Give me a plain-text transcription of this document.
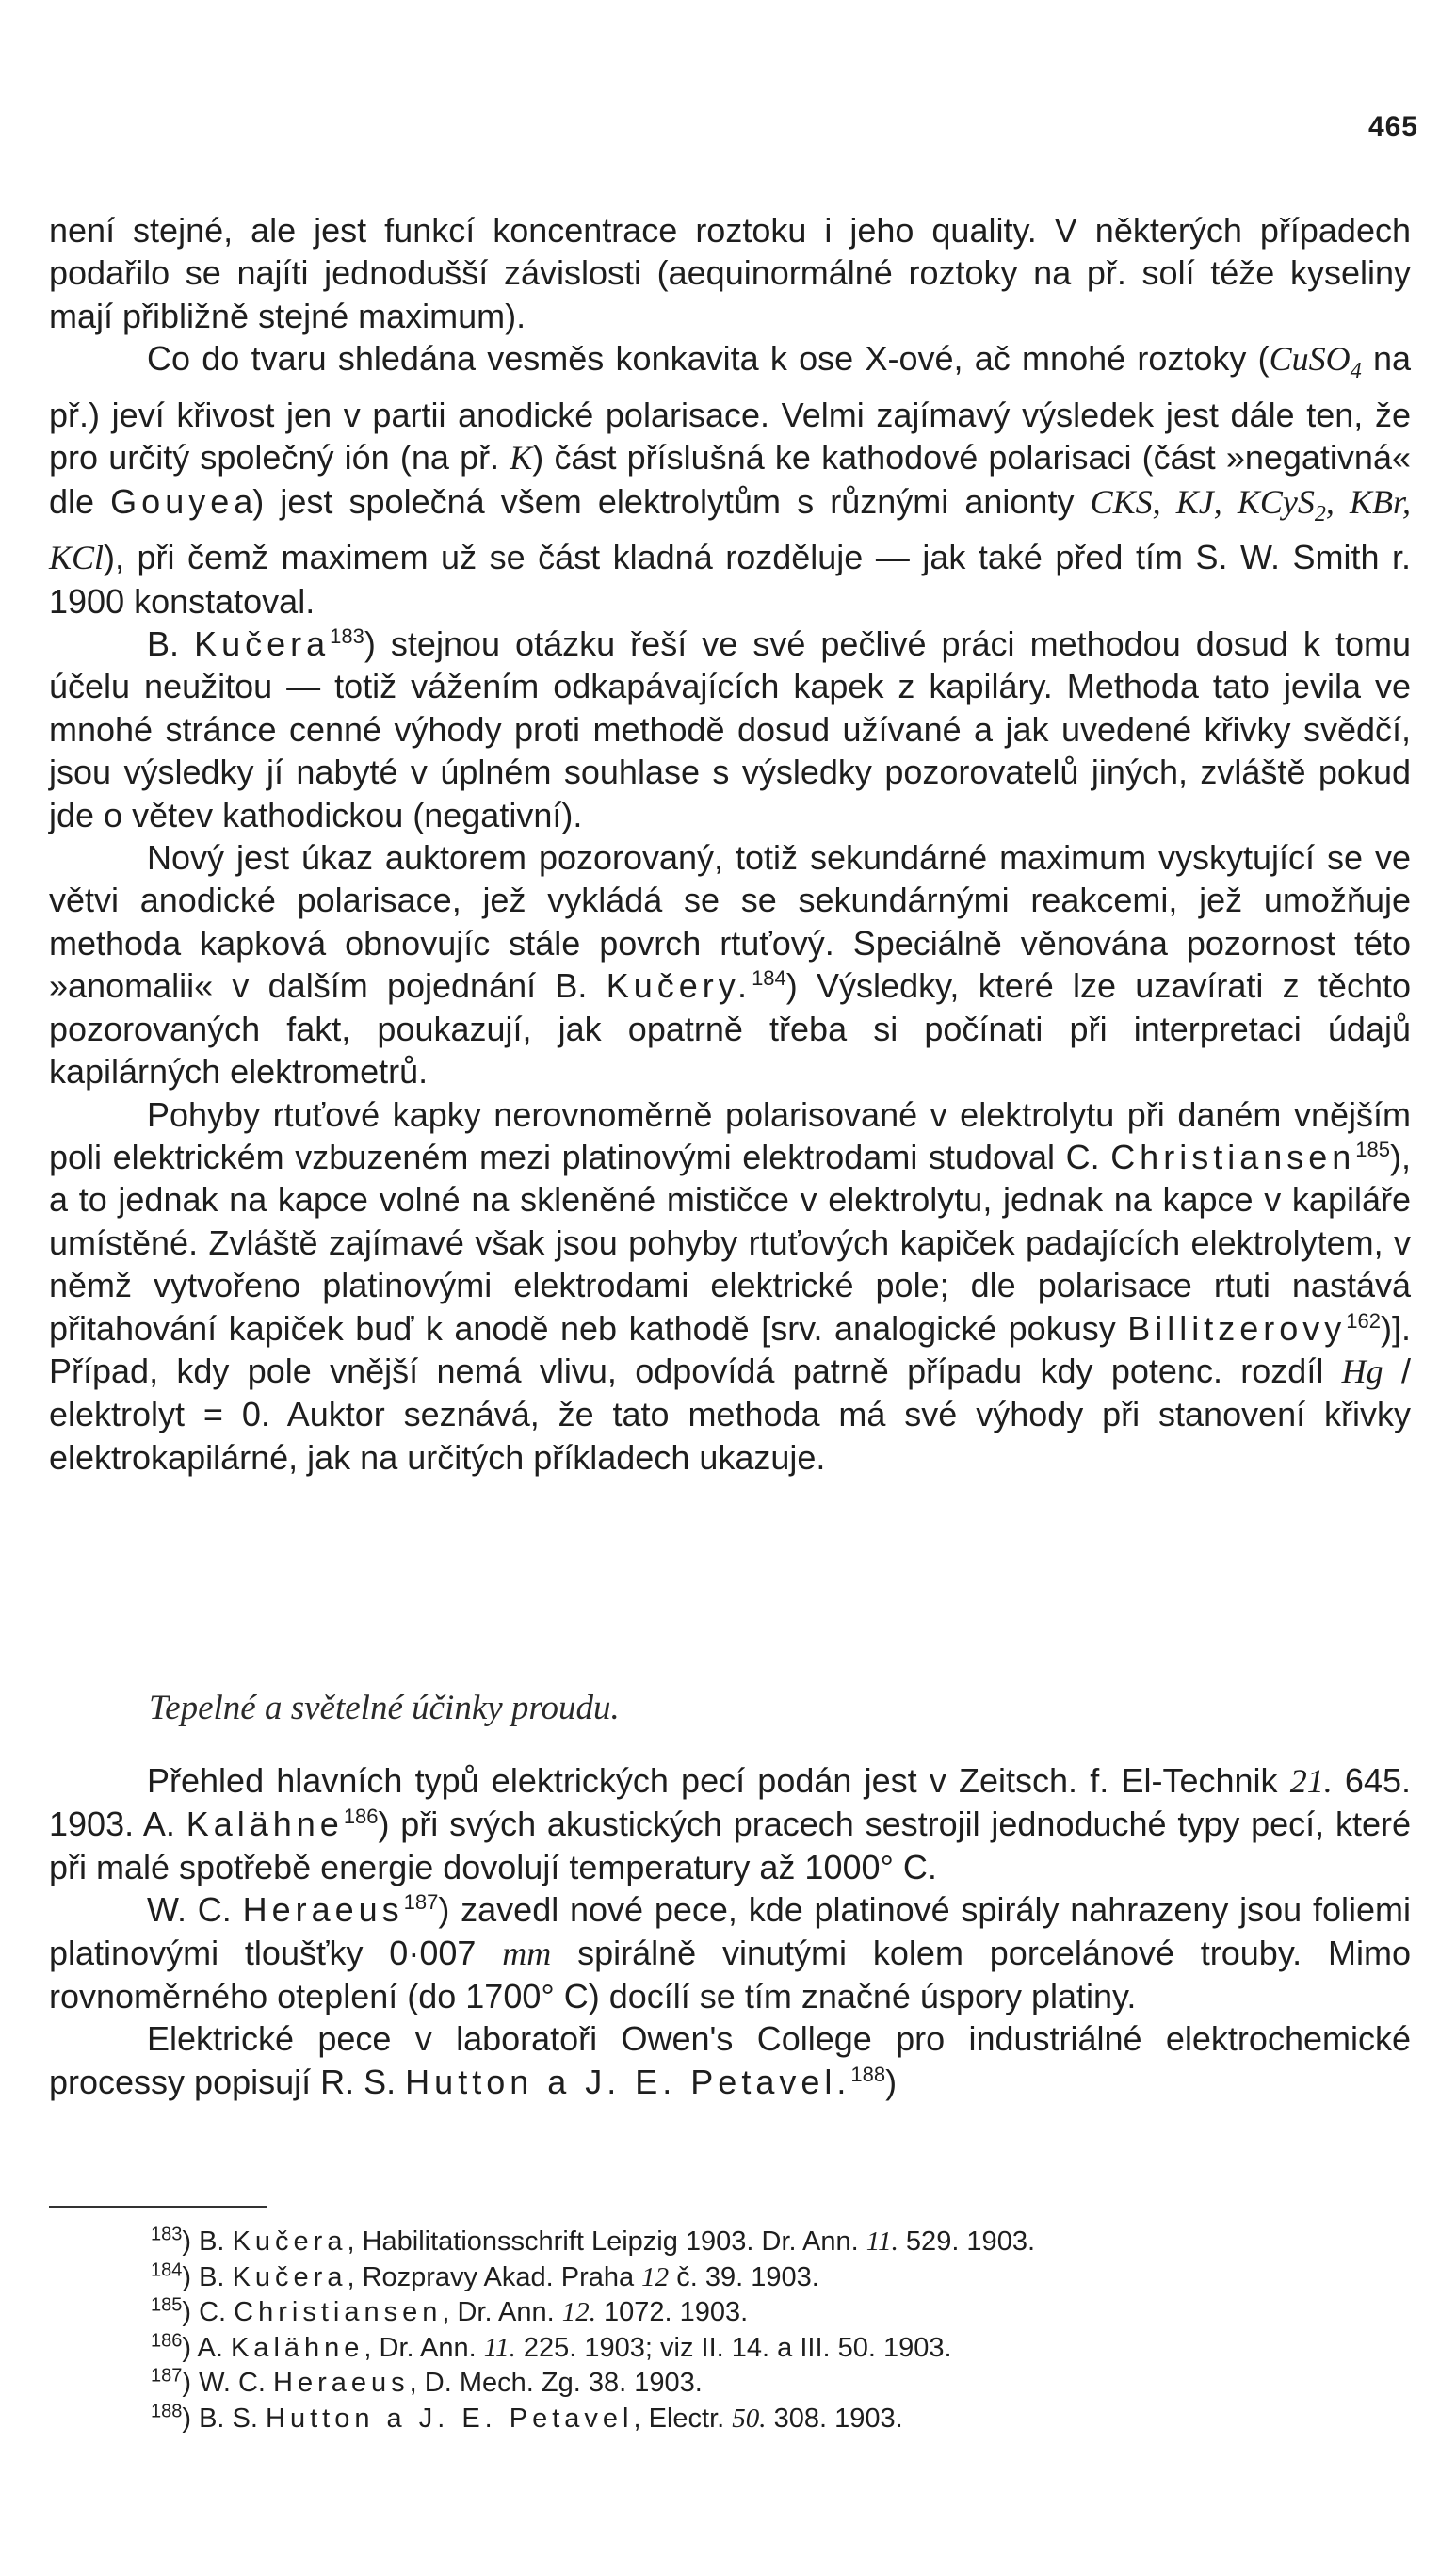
465

není stejné, ale jest funkcí koncentrace roztoku i jeho quality. V některých případech podařilo se najíti jednodušší závislosti (aequinormálné roztoky na př. solí téže kyseliny mají přibližně stejné maximum).

Co do tvaru shledána vesměs konkavita k ose X-ové, ač mnohé roztoky (CuSO$_4$ na př.) jeví křivost jen v partii anodické polarisace. Velmi zajímavý výsledek jest dále ten, že pro určitý společný ión (na př. K) část příslušná ke kathodové polarisaci (část »negativná« dle Gouyea) jest společná všem elektrolytům s různými anionty CKS, KJ, KCyS$_2$, KBr, KCl), při čemž maximem už se část kladná rozděluje — jak také před tím S. W. Smith r. 1900 konstatoval.

B. Kučera$^{183}$) stejnou otázku řeší ve své pečlivé práci methodou dosud k tomu účelu neužitou — totiž vážením odkapávajících kapek z kapiláry. Methoda tato jevila ve mnohé stránce cenné výhody proti methodě dosud užívané a jak uvedené křivky svědčí, jsou výsledky jí nabyté v úplném souhlase s výsledky pozorovatelů jiných, zvláště pokud jde o větev kathodickou (negativní).

Nový jest úkaz auktorem pozorovaný, totiž sekundárné maximum vyskytující se ve větvi anodické polarisace, jež vykládá se se sekundárnými reakcemi, jež umožňuje methoda kapková obnovujíc stále povrch rtuťový. Speciálně věnována pozornost této »anomalii« v dalším pojednání B. Kučery.$^{184}$) Výsledky, které lze uzavírati z těchto pozorovaných fakt, poukazují, jak opatrně třeba si počínati při interpretaci údajů kapilárných elektrometrů.

Pohyby rtuťové kapky nerovnoměrně polarisované v elektrolytu při daném vnějším poli elektrickém vzbuzeném mezi platinovými elektrodami studoval C. Christiansen$^{185}$), a to jednak na kapce volné na skleněné mističce v elektrolytu, jednak na kapce v kapiláře umístěné. Zvláště zajímavé však jsou pohyby rtuťových kapiček padajících elektrolytem, v němž vytvořeno platinovými elektrodami elektrické pole; dle polarisace rtuti nastává přitahování kapiček buď k anodě neb kathodě [srv. analogické pokusy Billitzerovy$^{162}$)]. Případ, kdy pole vnější nemá vlivu, odpovídá patrně případu kdy potenc. rozdíl Hg / elektrolyt = 0. Auktor seznává, že tato methoda má své výhody při stanovení křivky elektrokapilárné, jak na určitých příkladech ukazuje.

Tepelné a světelné účinky proudu.

Přehled hlavních typů elektrických pecí podán jest v Zeitsch. f. El-Technik 21. 645. 1903. A. Kalähne$^{186}$) při svých akustických pracech sestrojil jednoduché typy pecí, které při malé spotřebě energie dovolují temperatury až 1000° C.

W. C. Heraeus$^{187}$) zavedl nové pece, kde platinové spirály nahrazeny jsou foliemi platinovými tloušťky 0·007 mm spirálně vinutými kolem porcelánové trouby. Mimo rovnoměrného oteplení (do 1700° C) docílí se tím značné úspory platiny.

Elektrické pece v laboratoři Owen's College pro industriálné elektrochemické processy popisují R. S. Hutton a J. E. Petavel.$^{188}$)

$^{183}$) B. Kučera, Habilitationsschrift Leipzig 1903. Dr. Ann. 11. 529. 1903.
$^{184}$) B. Kučera, Rozpravy Akad. Praha 12 č. 39. 1903.
$^{185}$) C. Christiansen, Dr. Ann. 12. 1072. 1903.
$^{186}$) A. Kalähne, Dr. Ann. 11. 225. 1903; viz II. 14. a III. 50. 1903.
$^{187}$) W. C. Heraeus, D. Mech. Zg. 38. 1903.
$^{188}$) B. S. Hutton a J. E. Petavel, Electr. 50. 308. 1903.
